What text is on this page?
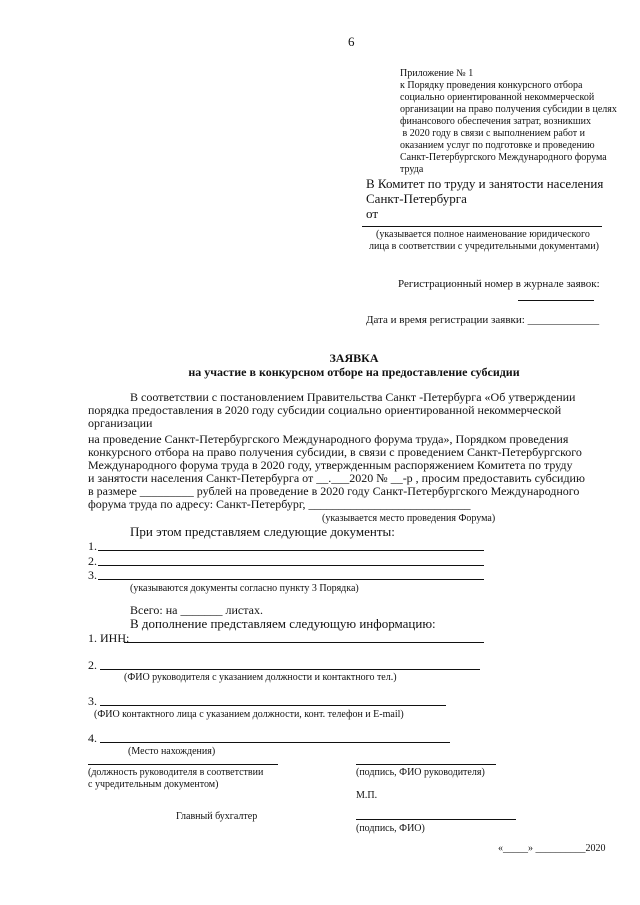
6
Приложение № 1
к Порядку проведения конкурсного отбора
социально ориентированной некоммерческой
организации на право получения субсидии в целях
финансового обеспечения затрат, возникших
в 2020 году в связи с выполнением работ и
оказанием услуг по подготовке и проведению
Санкт-Петербургского Международного форума
труда
В Комитет по труду и занятости населения
Санкт-Петербурга
от
(указывается полное наименование юридического
лица в соответствии с учредительными документами)
Регистрационный номер в журнале заявок:
Дата и время регистрации заявки: _____________
ЗАЯВКА
на участие в конкурсном отборе на предоставление субсидии
В соответствии с постановлением Правительства Санкт -Петербурга «Об утверждении
порядка предоставления в 2020 году субсидии социально ориентированной некоммерческой
организации
на проведение Санкт-Петербургского Международного форума труда», Порядком проведения
конкурсного отбора на право получения субсидии, в связи с проведением Санкт-Петербургского
Международного форума труда в 2020 году, утвержденным распоряжением Комитета по труду
и занятости населения Санкт-Петербурга от __.___2020 № __-р , просим предоставить субсидию
в размере _________ рублей на проведение в 2020 году Санкт-Петербургского Международного
форума труда по адресу: Санкт-Петербург, ___________________________
(указывается место проведения Форума)
При этом представляем следующие документы:
1.
2.
3.
(указываются документы согласно пункту 3 Порядка)
Всего: на _______ листах.
В дополнение представляем следующую информацию:
1. ИНН:
2.
(ФИО руководителя с указанием должности и контактного тел.)
3.
(ФИО контактного лица с указанием должности, конт. телефон и E-mail)
4.
(Место нахождения)
(должность руководителя в соответствии
с учредительным документом)
(подпись, ФИО руководителя)
М.П.
Главный бухгалтер
(подпись, ФИО)
«_____» __________2020
